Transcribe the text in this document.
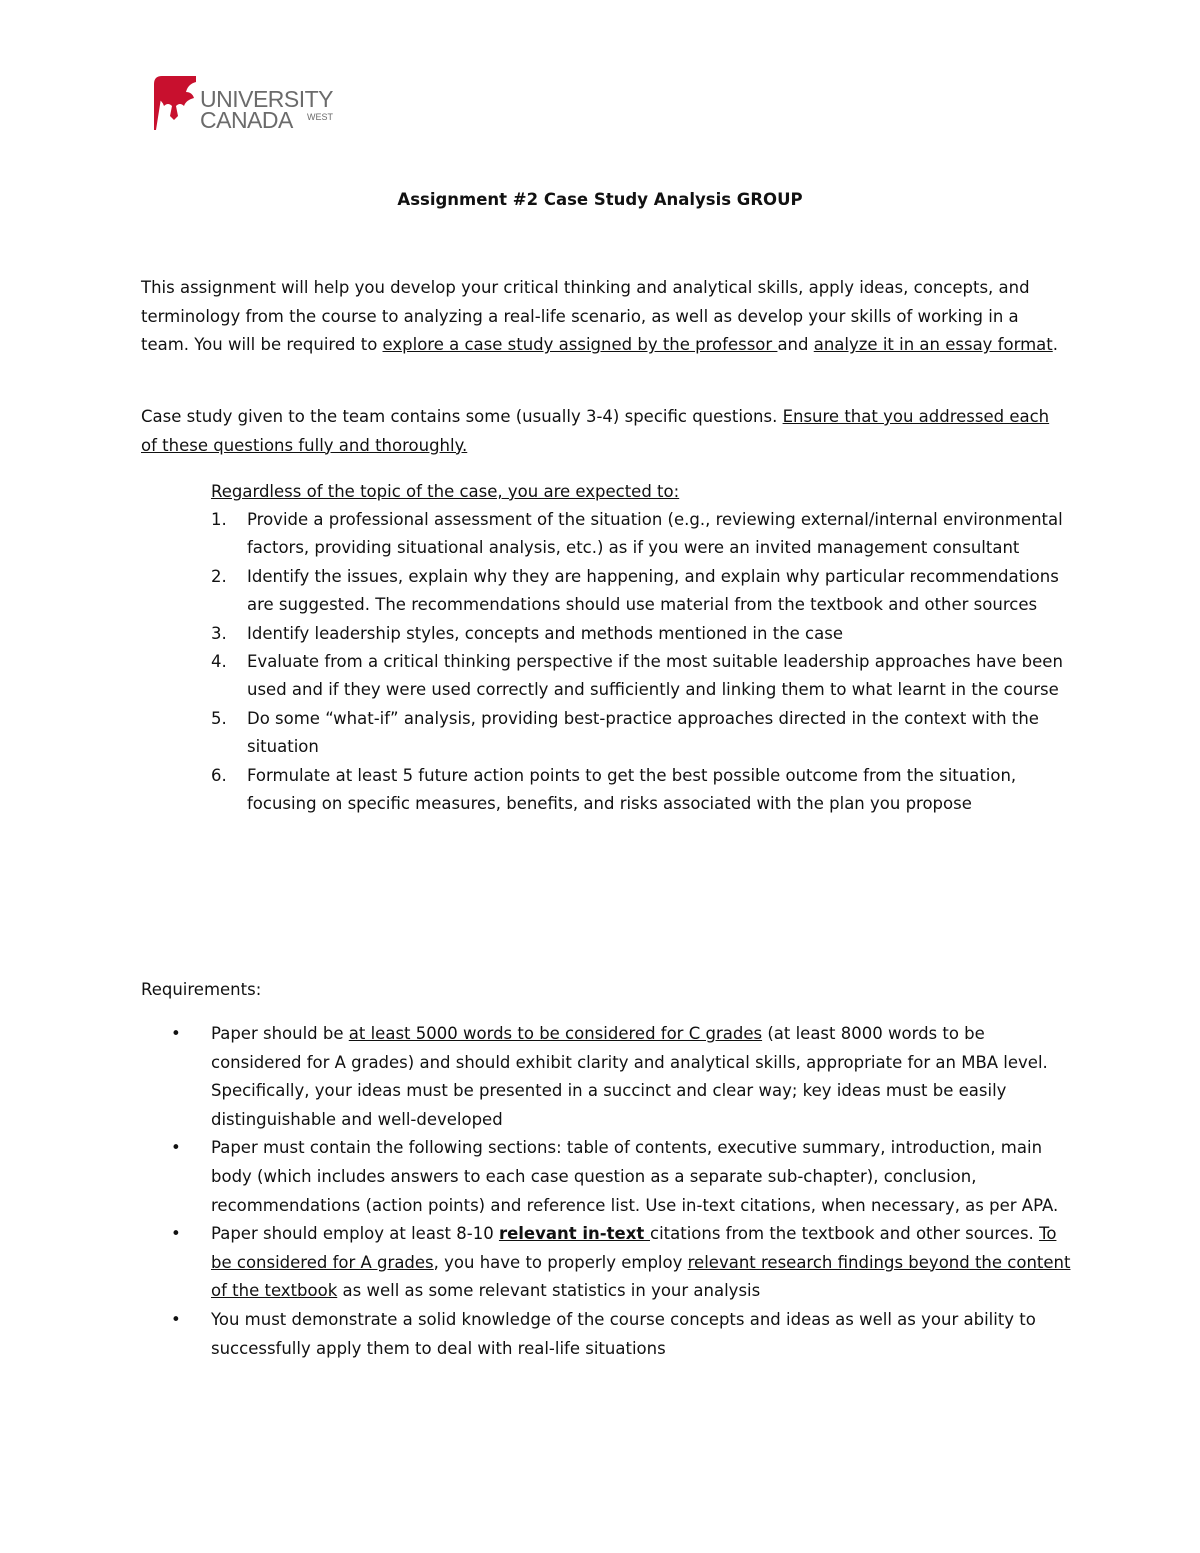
UNIVERSITY
CANADA WEST
Assignment #2 Case Study Analysis GROUP
This assignment will help you develop your critical thinking and analytical skills, apply ideas, concepts, and terminology from the course to analyzing a real-life scenario, as well as develop your skills of working in a team. You will be required to explore a case study assigned by the professor and analyze it in an essay format.
Case study given to the team contains some (usually 3-4) specific questions. Ensure that you addressed each of these questions fully and thoroughly.
Regardless of the topic of the case, you are expected to:
1. Provide a professional assessment of the situation (e.g., reviewing external/internal environmental factors, providing situational analysis, etc.) as if you were an invited management consultant
2. Identify the issues, explain why they are happening, and explain why particular recommendations are suggested. The recommendations should use material from the textbook and other sources
3. Identify leadership styles, concepts and methods mentioned in the case
4. Evaluate from a critical thinking perspective if the most suitable leadership approaches have been used and if they were used correctly and sufficiently and linking them to what learnt in the course
5. Do some “what-if” analysis, providing best-practice approaches directed in the context with the situation
6. Formulate at least 5 future action points to get the best possible outcome from the situation, focusing on specific measures, benefits, and risks associated with the plan you propose
Requirements:
• Paper should be at least 5000 words to be considered for C grades (at least 8000 words to be considered for A grades) and should exhibit clarity and analytical skills, appropriate for an MBA level. Specifically, your ideas must be presented in a succinct and clear way; key ideas must be easily distinguishable and well-developed
• Paper must contain the following sections: table of contents, executive summary, introduction, main body (which includes answers to each case question as a separate sub-chapter), conclusion, recommendations (action points) and reference list. Use in-text citations, when necessary, as per APA.
• Paper should employ at least 8-10 relevant in-text citations from the textbook and other sources. To be considered for A grades, you have to properly employ relevant research findings beyond the content of the textbook as well as some relevant statistics in your analysis
• You must demonstrate a solid knowledge of the course concepts and ideas as well as your ability to successfully apply them to deal with real-life situations
